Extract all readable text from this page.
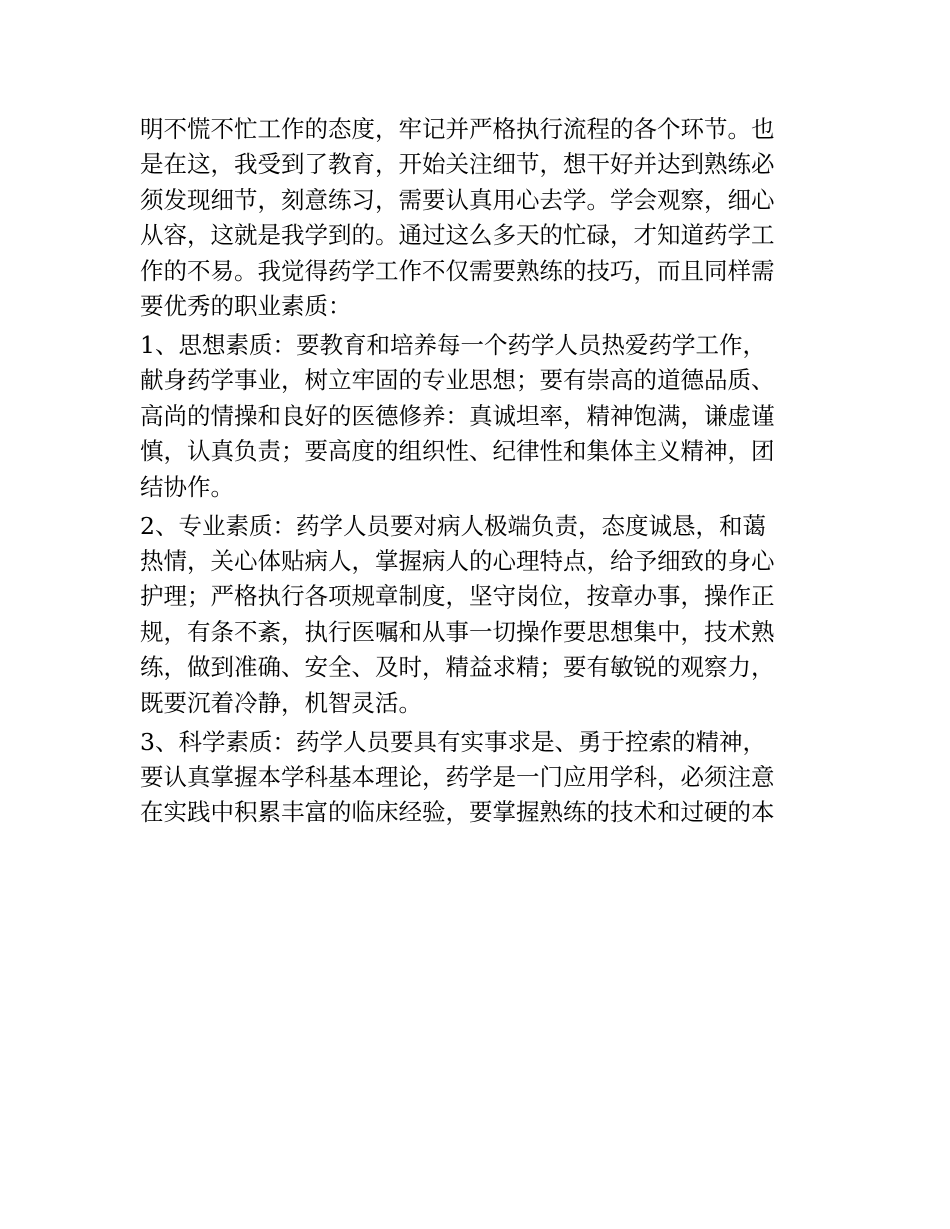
明不慌不忙工作的态度，牢记并严格执行流程的各个环节。也
是在这，我受到了教育，开始关注细节，想干好并达到熟练必
须发现细节，刻意练习，需要认真用心去学。学会观察，细心
从容，这就是我学到的。通过这么多天的忙碌，才知道药学工
作的不易。我觉得药学工作不仅需要熟练的技巧，而且同样需
要优秀的职业素质：
1、思想素质：要教育和培养每一个药学人员热爱药学工作，
献身药学事业，树立牢固的专业思想；要有崇高的道德品质、
高尚的情操和良好的医德修养：真诚坦率，精神饱满，谦虚谨
慎，认真负责；要高度的组织性、纪律性和集体主义精神，团
结协作。
2、专业素质：药学人员要对病人极端负责，态度诚恳，和蔼
热情，关心体贴病人，掌握病人的心理特点，给予细致的身心
护理；严格执行各项规章制度，坚守岗位，按章办事，操作正
规，有条不紊，执行医嘱和从事一切操作要思想集中，技术熟
练，做到准确、安全、及时，精益求精；要有敏锐的观察力，
既要沉着冷静，机智灵活。
3、科学素质：药学人员要具有实事求是、勇于控索的精神，
要认真掌握本学科基本理论，药学是一门应用学科，必须注意
在实践中积累丰富的临床经验，要掌握熟练的技术和过硬的本
